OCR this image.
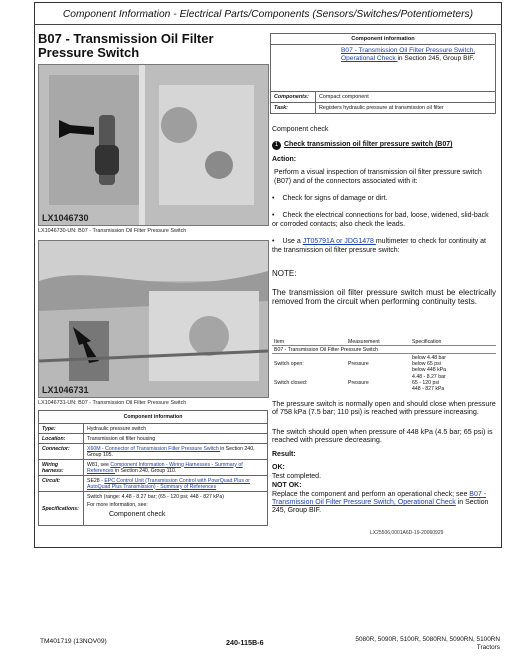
Component Information - Electrical Parts/Components (Sensors/Switches/Potentiometers)
B07 - Transmission Oil Filter Pressure Switch
LX1046730
LX1046730-UN: B07 - Transmission Oil Filter Pressure Switch
LX1046731
LX1046731-UN: B07 - Transmission Oil Filter Pressure Switch
Component information	
B07 - Transmission Oil Filter Pressure Switch, Operational Check in Section 245, Group BIF.	
Components:	Compact component
Task:	Registers hydraulic pressure at transmission oil filter
Component check
1 Check transmission oil filter pressure switch (B07)
Action:
Perform a visual inspection of transmission oil filter pressure switch (B07) and of the connectors associated with it:
• Check for signs of damage or dirt.
• Check the electrical connections for bad, loose, widened, slid-back or corroded contacts; also check the leads.
• Use a JT05791A or JDG1478 multimeter to check for continuity at the transmission oil filter pressure switch:
NOTE:
The transmission oil filter pressure switch must be electrically removed from the circuit when performing continuity tests.
Item	Measurement	Specification
B07 - Transmission Oil Filter Pressure Switch		
Switch open:	Pressure	below 4.48 bar
below 65 psi
below 448 kPa

Switch closed:	Pressure	4.48 - 8.27 bar
65 - 120 psi
448 - 827 kPa
The pressure switch is normally open and should close when pressure of 758 kPa (7.5 bar; 110 psi) is reached with pressure increasing.
The switch should open when pressure of 448 kPa (4.5 bar; 65 psi) is reached with pressure decreasing.
Result:
OK:
Test completed.
NOT OK:
Replace the component and perform an operational check; see B07 - Transmission Oil Filter Pressure Switch, Operational Check in Section 245, Group BIF.
LX25506,0001A6D-19-20060929
Component information	
Type:	Hydraulic pressure switch
Location:	Transmission oil filter housing
Connector:	X60M - Connector of Transmission Filter Pressure Switch in Section 240, Group 105.
Wiring harness:	W81, see Component Information - Wiring Harnesses - Summary of References in Section 240, Group 110.
Circuit:	SE28 - EPC Control Unit (Transmission Control with PowrQuad Plus or AutoQuad Plus Transmission) - Summary of References
Specifications:	Switch (range: 4.48 - 8.27 bar; (65 - 120 psi; 448 - 827 kPa)
For more information, see:
Component check
TM401719 (13NOV09)	240-115B-6	5080R, 5090R, 5100R, 5080RN, 5090RN, 5100RN
Tractors
